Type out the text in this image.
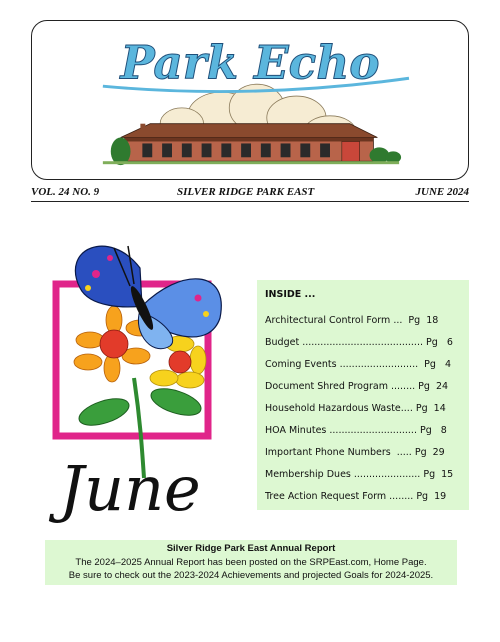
Park Echo
VOL. 24 NO. 9	SILVER RIDGE PARK EAST	JUNE 2024
June
INSIDE ...
Architectural Control Form ...  Pg  18
Budget ........................................ Pg   6
Coming Events ..........................  Pg   4
Document Shred Program ........ Pg  24
Household Hazardous Waste.... Pg  14
HOA Minutes ............................. Pg   8
Important Phone Numbers  ..... Pg  29
Membership Dues ...................... Pg  15
Tree Action Request Form ........ Pg  19
Silver Ridge Park East Annual Report
The 2024–2025 Annual Report has been posted on the SRPEast.com, Home Page.
Be sure to check out the 2023-2024 Achievements and projected Goals for 2024-2025.
